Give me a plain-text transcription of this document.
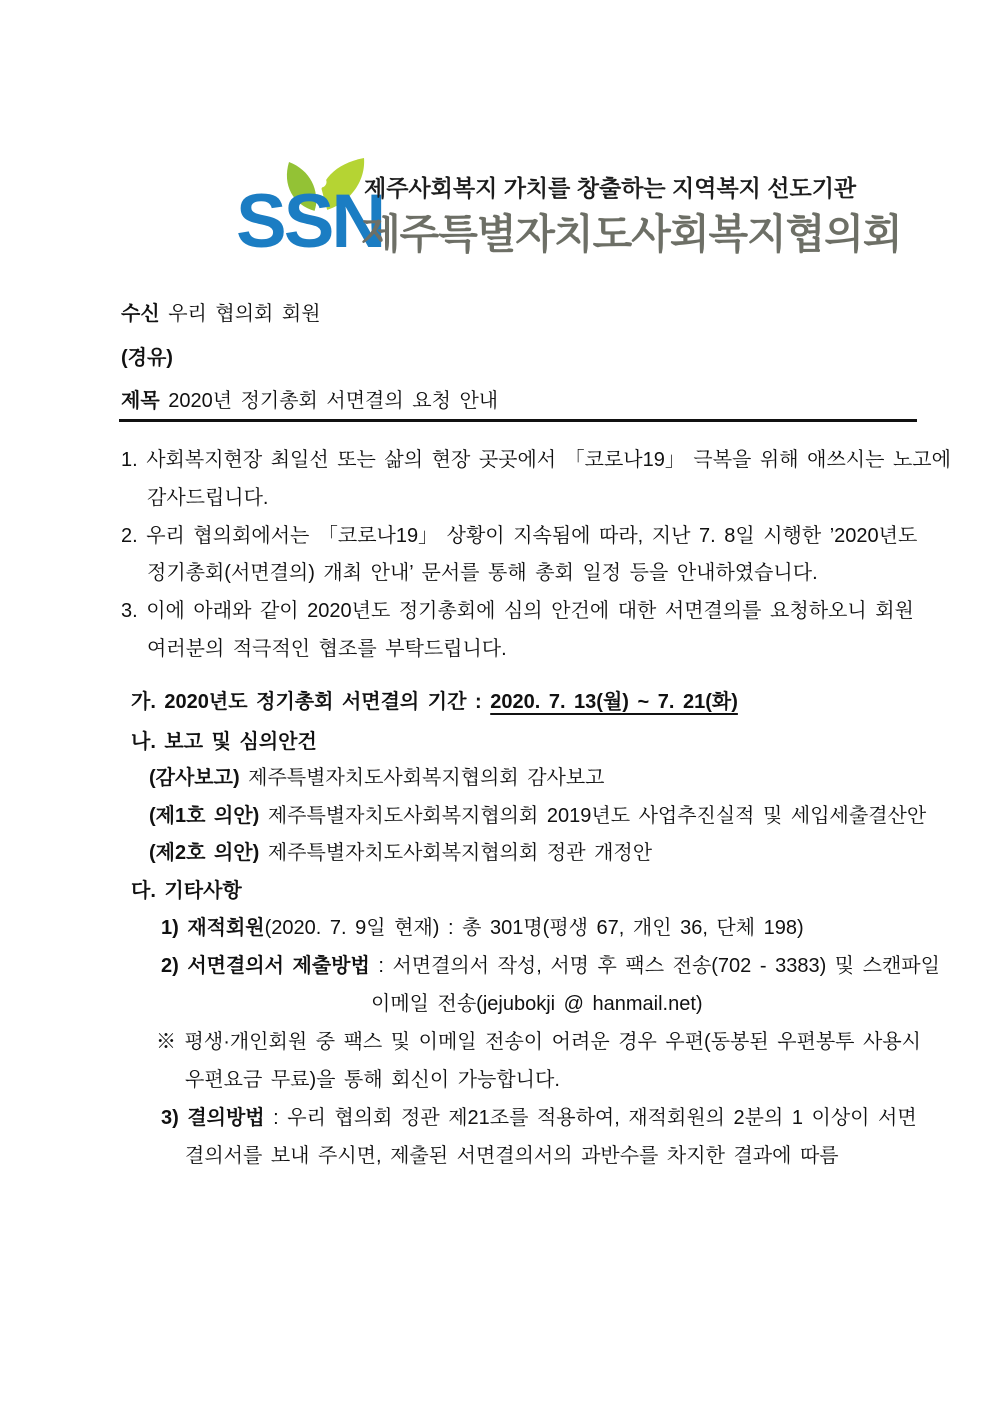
SSN
제주사회복지 가치를 창출하는 지역복지 선도기관
제주특별자치도사회복지협의회
수신 우리 협의회 회원
(경유)
제목 2020년 정기총회 서면결의 요청 안내
1. 사회복지현장 최일선 또는 삶의 현장 곳곳에서 「코로나19」 극복을 위해 애쓰시는 노고에
감사드립니다.
2. 우리 협의회에서는 「코로나19」 상황이 지속됨에 따라, 지난 7. 8일 시행한 ’2020년도
정기총회(서면결의) 개최 안내’ 문서를 통해 총회 일정 등을 안내하였습니다.
3. 이에 아래와 같이 2020년도 정기총회에 심의 안건에 대한 서면결의를 요청하오니 회원
여러분의 적극적인 협조를 부탁드립니다.
가. 2020년도 정기총회 서면결의 기간 : 2020. 7. 13(월) ~ 7. 21(화)
나. 보고 및 심의안건
(감사보고) 제주특별자치도사회복지협의회 감사보고
(제1호 의안) 제주특별자치도사회복지협의회 2019년도 사업추진실적 및 세입세출결산안
(제2호 의안) 제주특별자치도사회복지협의회 정관 개정안
다. 기타사항
1) 재적회원(2020. 7. 9일 현재) : 총 301명(평생 67, 개인 36, 단체 198)
2) 서면결의서 제출방법 : 서면결의서 작성, 서명 후 팩스 전송(702 - 3383) 및 스캔파일
이메일 전송(jejubokji @ hanmail.net)
※ 평생·개인회원 중 팩스 및 이메일 전송이 어려운 경우 우편(동봉된 우편봉투 사용시
우편요금 무료)을 통해 회신이 가능합니다.
3) 결의방법 : 우리 협의회 정관 제21조를 적용하여, 재적회원의 2분의 1 이상이 서면
결의서를 보내 주시면, 제출된 서면결의서의 과반수를 차지한 결과에 따름
